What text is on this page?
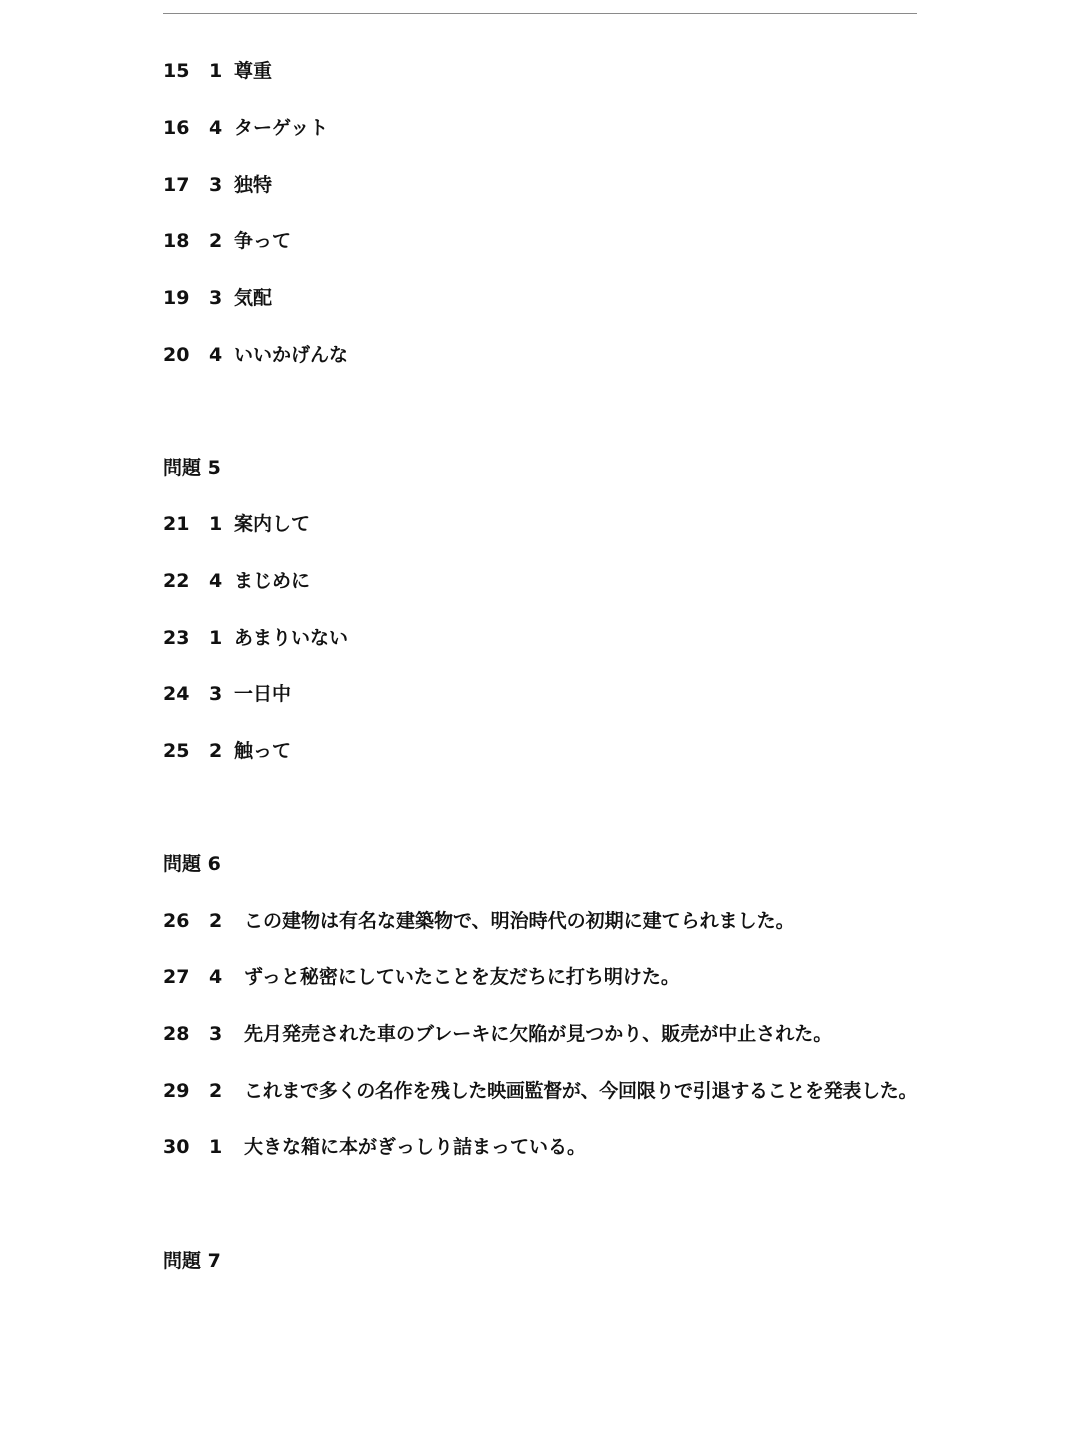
15 1 尊重
16 4 ターゲット
17 3 独特
18 2 争って
19 3 気配
20 4 いいかげんな
問題 5
21 1 案内して
22 4 まじめに
23 1 あまりいない
24 3 一日中
25 2 触って
問題 6
26 2 この建物は有名な建築物で、明治時代の初期に建てられました。
27 4 ずっと秘密にしていたことを友だちに打ち明けた。
28 3 先月発売された車のブレーキに欠陥が見つかり、販売が中止された。
29 2 これまで多くの名作を残した映画監督が、今回限りで引退することを発表した。
30 1 大きな箱に本がぎっしり詰まっている。
問題 7
